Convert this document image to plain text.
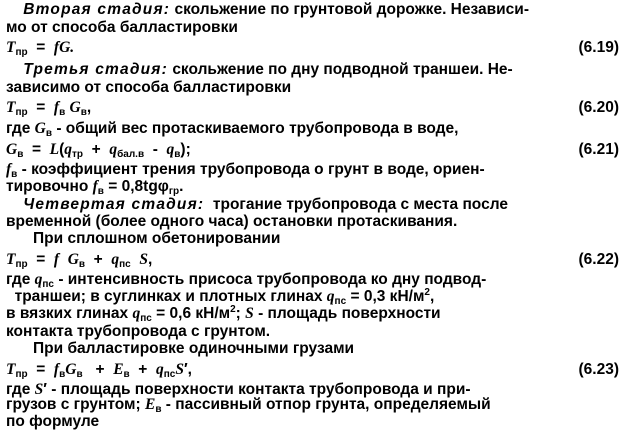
Вторая стадия: скольжение по грунтовой дорожке. Независи-
мо от способа балластировки
$T_{пр}$  =  fG.	(6.19)
Третья стадия: скольжение по дну подводной траншеи. Не-
зависимо от способа балластировки
$T_{пр} = f_в$ $G_в$,	(6.20)
где $G_в$ - общий вес протаскиваемого трубопровода в воде,
$G_в = L(q_{тр} + q_{бал.в} - q_в)$;	(6.21)
$f_в$ - коэффициент трения трубопровода о грунт в воде, ориен-
тировочно $f_в = 0,8tg\varphi_{гр}$.
Четвертая стадия: трогание трубопровода с места после
временной (более одного часа) остановки протаскивания.
При сплошном обетонировании
$T_{пр} = f$ $G_в + q_{пс}$ S,	(6.22)
где $q_{пс}$ - интенсивность присоса трубопровода ко дну подвод-
траншеи; в суглинках и плотных глинах $q_{пс} = 0,3$ $кН/м^2$,
в вязких глинах $q_{пс} = 0,6$ $кН/м^2$; S - площадь поверхности
контакта трубопровода с грунтом.
При балластировке одиночными грузами
$T_{пр} = f_вG_в + E_в + q_{пс}S'$,	(6.23)
где S′ - площадь поверхности контакта трубопровода и при-
грузов с грунтом; $E_в$ - пассивный отпор грунта, определяемый
по формуле
